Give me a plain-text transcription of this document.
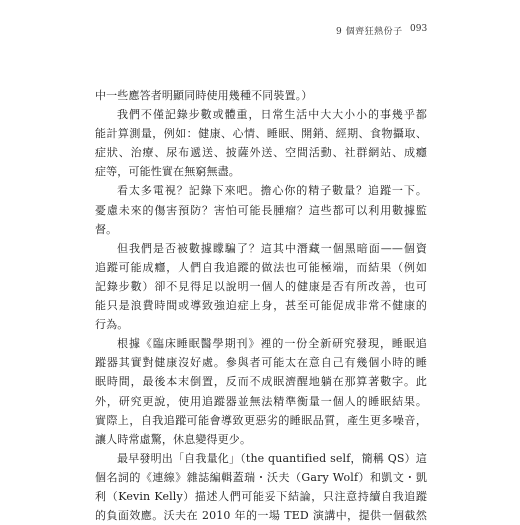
9 個齊狂熱份子 093
中一些應答者明顯同時使用幾種不同裝置。）
我們不僅記錄步數或體重，日常生活中大大小小的事幾乎都
能計算測量，例如：健康、心情、睡眠、開銷、經期、食物攝取、
症狀、治療、尿布遞送、披薩外送、空間活動、社群網站、成癮
症等，可能性實在無窮無盡。
看太多電視？記錄下來吧。擔心你的精子數量？追蹤一下。
憂慮未來的傷害預防？害怕可能長腫瘤？這些都可以利用數據監
督。
但我們是否被數據矇騙了？這其中潛藏一個黑暗面——個資
追蹤可能成癮，人們自我追蹤的做法也可能極端，而結果（例如
記錄步數）卻不見得足以說明一個人的健康是否有所改善，也可
能只是浪費時間或導致強迫症上身，甚至可能促成非常不健康的
行為。
根據《臨床睡眠醫學期刊》裡的一份全新研究發現，睡眠追
蹤器其實對健康沒好處。參與者可能太在意自己有幾個小時的睡
眠時間，最後本末倒置，反而不成眠濟醒地躺在那算著數字。此
外，研究更說，使用追蹤器並無法精準衡量一個人的睡眠結果。
實際上，自我追蹤可能會導致更惡劣的睡眠品質，產生更多噪音，
讓人時常虛驚，休息變得更少。
最早發明出「自我量化」（the quantified self，簡稱 QS）這
個名詞的《連線》雜誌編輯蓋瑞・沃夫（Gary Wolf）和凱文・凱
利（Kevin Kelly）描述人們可能妥下結論，只注意持續自我追蹤
的負面效應。沃夫在 2010 年的一場 TED 演講中，提供一個截然
